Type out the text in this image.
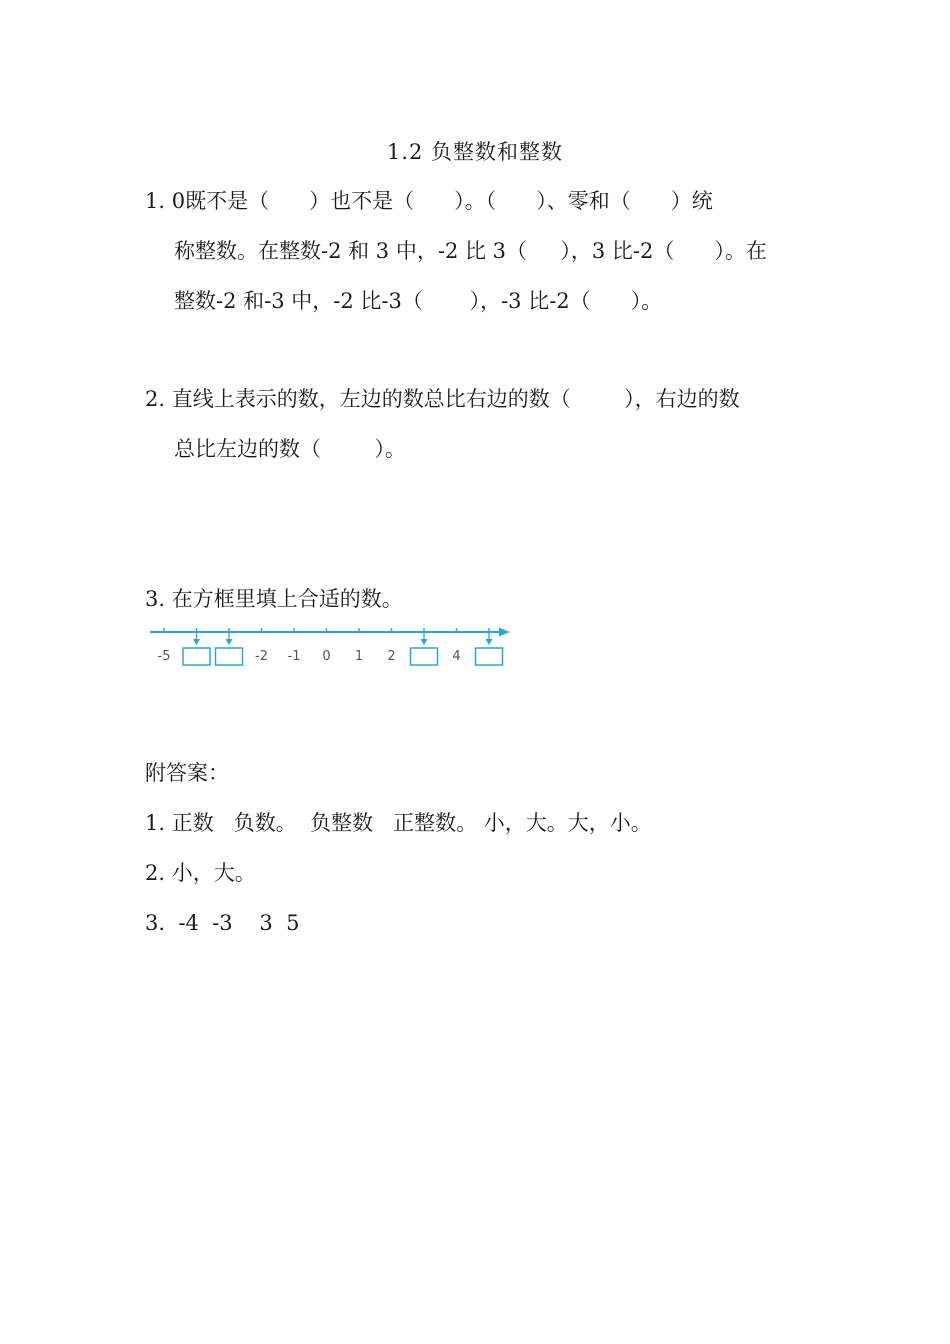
1.2 负整数和整数
1. 0既不是（      ）也不是（      ）。（      ）、零和（      ）统
称整数。在整数-2 和 3 中，-2 比 3（     ），3 比-2（      ）。在
整数-2 和-3 中，-2 比-3（       ），-3 比-2（      ）。
2. 直线上表示的数，左边的数总比右边的数（        ），右边的数
总比左边的数（        ）。
3. 在方框里填上合适的数。
-5	-2 -1 0 1 2	4
附答案：
1. 正数   负数。  负整数   正整数。 小，大。大，小。
2. 小，大。
3.  -4  -3    3  5
